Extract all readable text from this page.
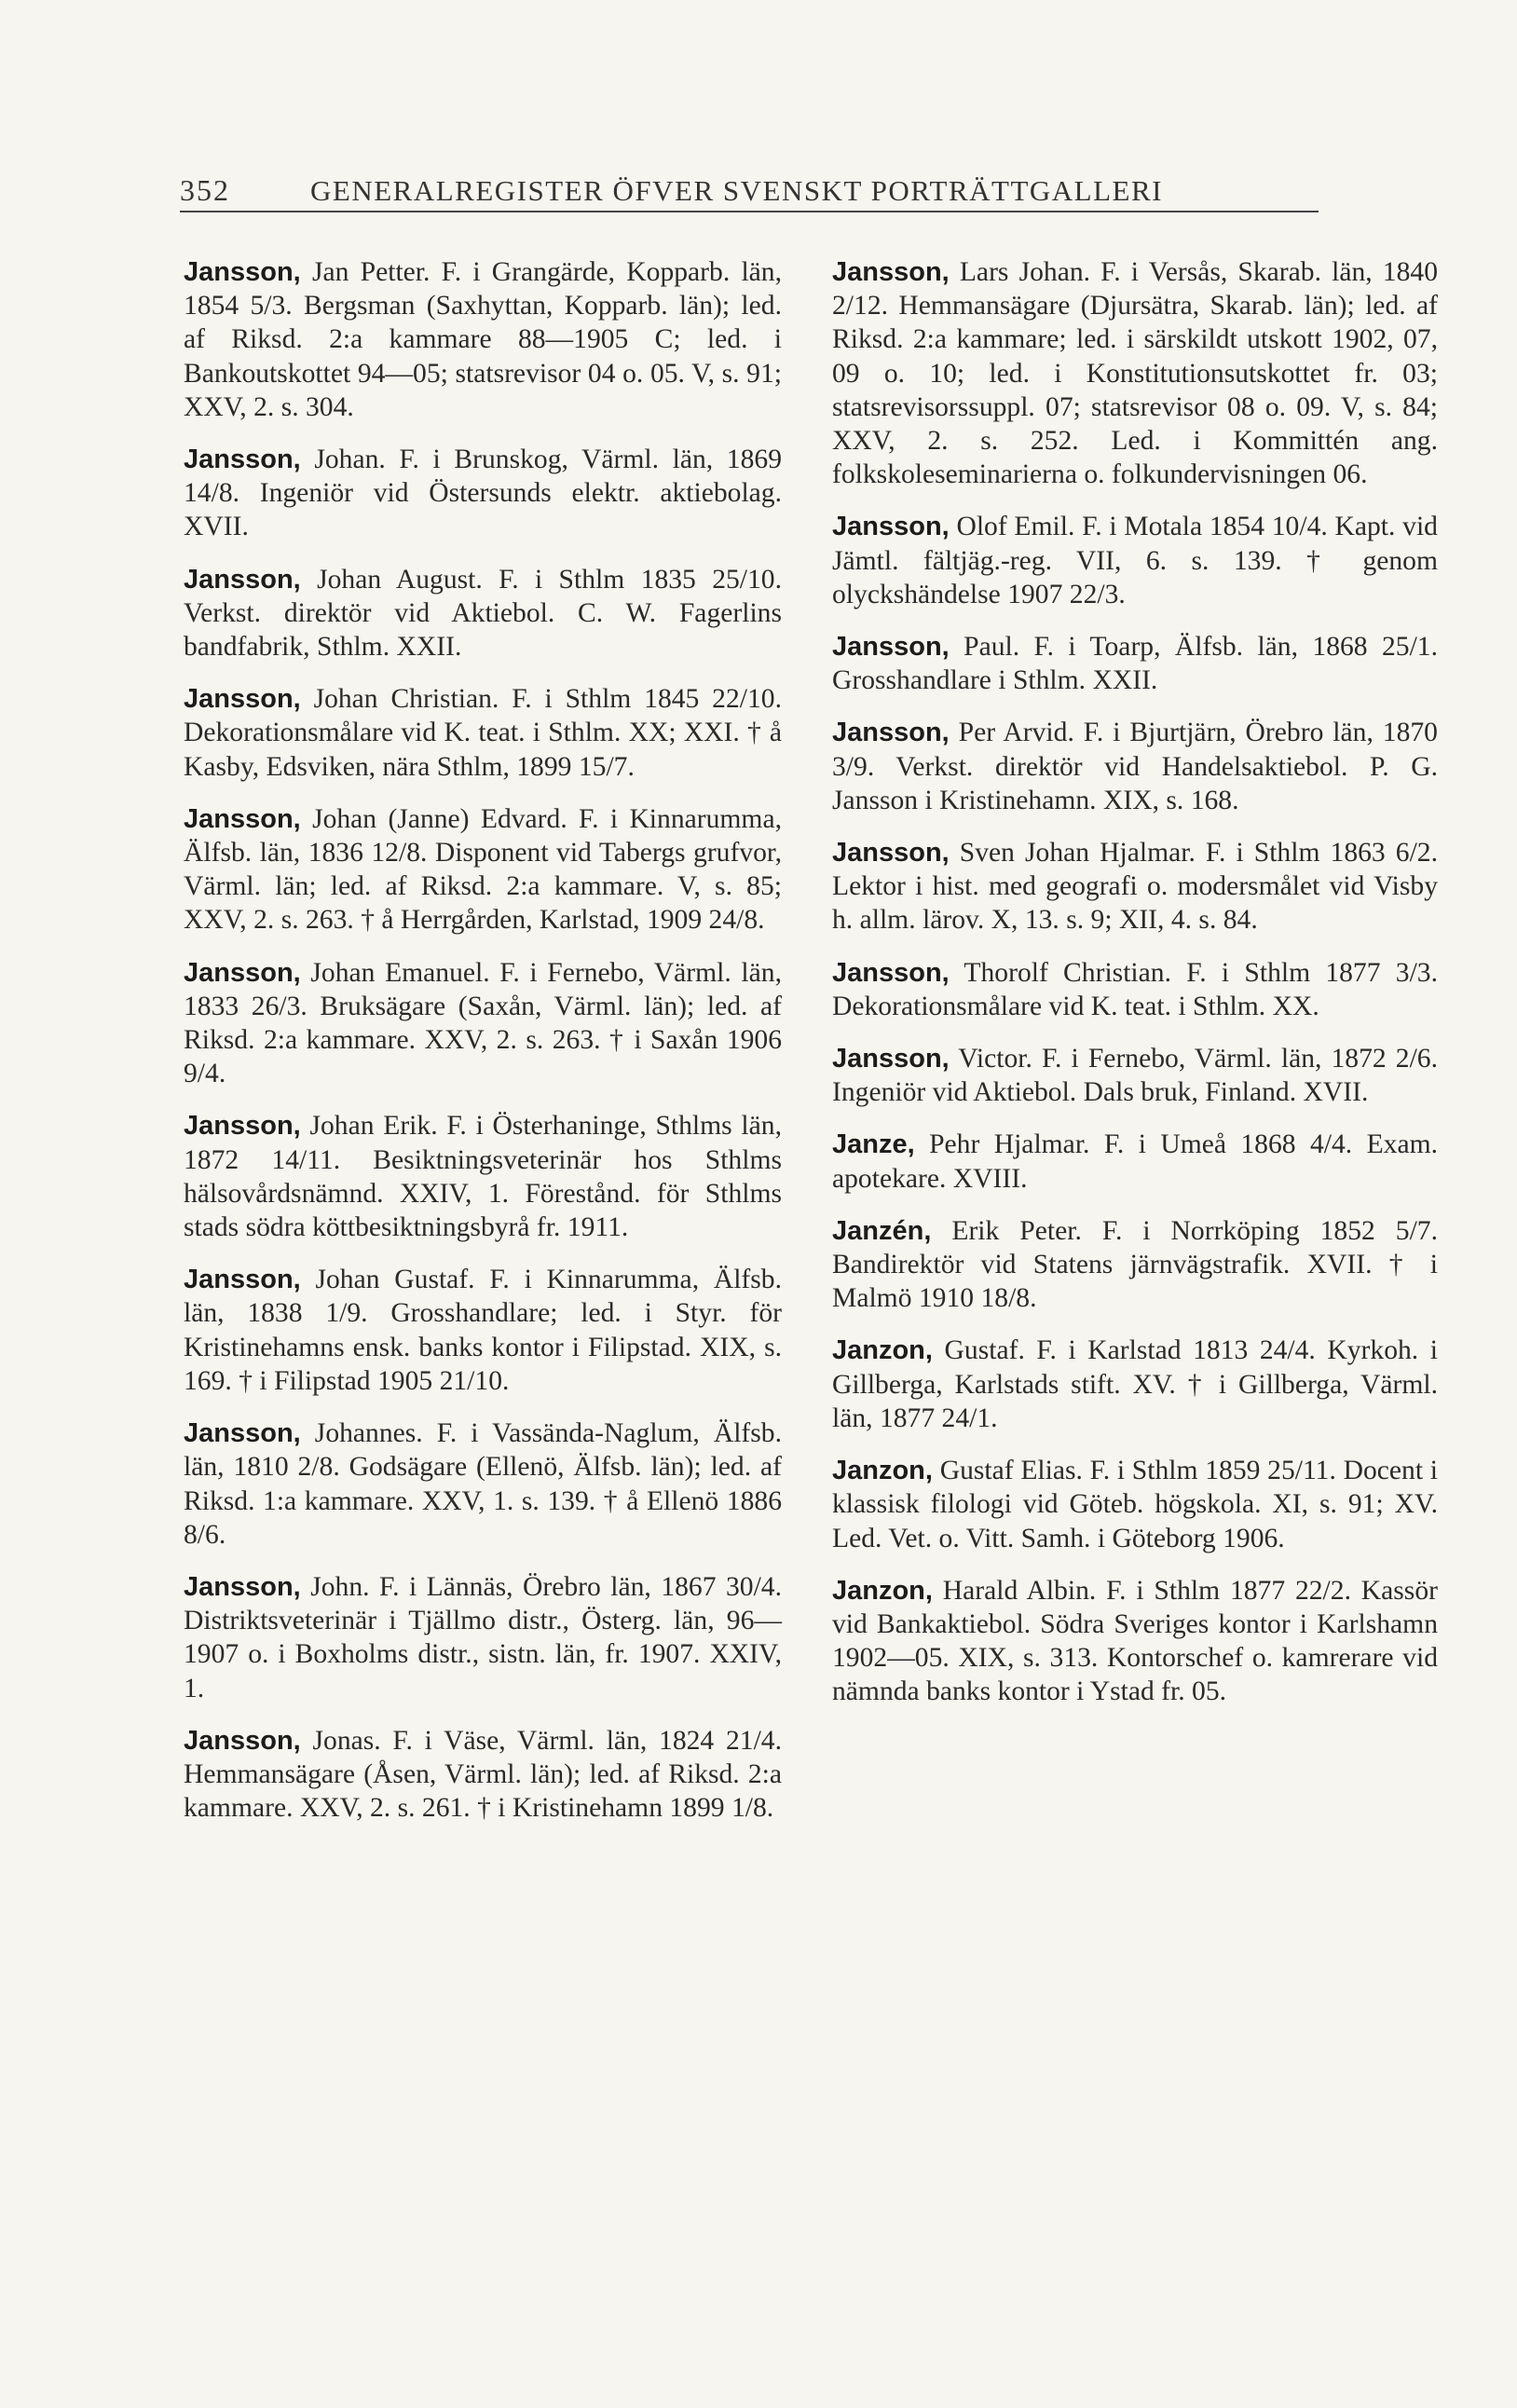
352	GENERALREGISTER ÖFVER SVENSKT PORTRÄTTGALLERI
Jansson, Jan Petter. F. i Grangärde, Kopparb. län, 1854 5/3. Bergsman (Saxhyttan, Kopparb. län); led. af Riksd. 2:a kammare 88—1905 C; led. i Bankoutskottet 94—05; statsrevisor 04 o. 05. V, s. 91; XXV, 2. s. 304.
Jansson, Johan. F. i Brunskog, Värml. län, 1869 14/8. Ingeniör vid Östersunds elektr. aktiebolag. XVII.
Jansson, Johan August. F. i Sthlm 1835 25/10. Verkst. direktör vid Aktiebol. C. W. Fagerlins bandfabrik, Sthlm. XXII.
Jansson, Johan Christian. F. i Sthlm 1845 22/10. Dekorationsmålare vid K. teat. i Sthlm. XX; XXI. † å Kasby, Edsviken, nära Sthlm, 1899 15/7.
Jansson, Johan (Janne) Edvard. F. i Kinnarumma, Älfsb. län, 1836 12/8. Disponent vid Tabergs grufvor, Värml. län; led. af Riksd. 2:a kammare. V, s. 85; XXV, 2. s. 263. † å Herrgården, Karlstad, 1909 24/8.
Jansson, Johan Emanuel. F. i Fernebo, Värml. län, 1833 26/3. Bruksägare (Saxån, Värml. län); led. af Riksd. 2:a kammare. XXV, 2. s. 263. † i Saxån 1906 9/4.
Jansson, Johan Erik. F. i Österhaninge, Sthlms län, 1872 14/11. Besiktningsveterinär hos Sthlms hälsovårdsnämnd. XXIV, 1. Förestånd. för Sthlms stads södra köttbesiktningsbyrå fr. 1911.
Jansson, Johan Gustaf. F. i Kinnarumma, Älfsb. län, 1838 1/9. Grosshandlare; led. i Styr. för Kristinehamns ensk. banks kontor i Filipstad. XIX, s. 169. † i Filipstad 1905 21/10.
Jansson, Johannes. F. i Vassända-Naglum, Älfsb. län, 1810 2/8. Godsägare (Ellenö, Älfsb. län); led. af Riksd. 1:a kammare. XXV, 1. s. 139. † å Ellenö 1886 8/6.
Jansson, John. F. i Lännäs, Örebro län, 1867 30/4. Distriktsveterinär i Tjällmo distr., Österg. län, 96—1907 o. i Boxholms distr., sistn. län, fr. 1907. XXIV, 1.
Jansson, Jonas. F. i Väse, Värml. län, 1824 21/4. Hemmansägare (Åsen, Värml. län); led. af Riksd. 2:a kammare. XXV, 2. s. 261. † i Kristinehamn 1899 1/8.
Jansson, Lars Johan. F. i Versås, Skarab. län, 1840 2/12. Hemmansägare (Djursätra, Skarab. län); led. af Riksd. 2:a kammare; led. i särskildt utskott 1902, 07, 09 o. 10; led. i Konstitutionsutskottet fr. 03; statsrevisorssuppl. 07; statsrevisor 08 o. 09. V, s. 84; XXV, 2. s. 252. Led. i Kommittén ang. folkskoleseminarierna o. folkundervisningen 06.
Jansson, Olof Emil. F. i Motala 1854 10/4. Kapt. vid Jämtl. fältjäg.-reg. VII, 6. s. 139. † genom olyckshändelse 1907 22/3.
Jansson, Paul. F. i Toarp, Älfsb. län, 1868 25/1. Grosshandlare i Sthlm. XXII.
Jansson, Per Arvid. F. i Bjurtjärn, Örebro län, 1870 3/9. Verkst. direktör vid Handelsaktiebol. P. G. Jansson i Kristinehamn. XIX, s. 168.
Jansson, Sven Johan Hjalmar. F. i Sthlm 1863 6/2. Lektor i hist. med geografi o. modersmålet vid Visby h. allm. lärov. X, 13. s. 9; XII, 4. s. 84.
Jansson, Thorolf Christian. F. i Sthlm 1877 3/3. Dekorationsmålare vid K. teat. i Sthlm. XX.
Jansson, Victor. F. i Fernebo, Värml. län, 1872 2/6. Ingeniör vid Aktiebol. Dals bruk, Finland. XVII.
Janze, Pehr Hjalmar. F. i Umeå 1868 4/4. Exam. apotekare. XVIII.
Janzén, Erik Peter. F. i Norrköping 1852 5/7. Bandirektör vid Statens järnvägstrafik. XVII. † i Malmö 1910 18/8.
Janzon, Gustaf. F. i Karlstad 1813 24/4. Kyrkoh. i Gillberga, Karlstads stift. XV. † i Gillberga, Värml. län, 1877 24/1.
Janzon, Gustaf Elias. F. i Sthlm 1859 25/11. Docent i klassisk filologi vid Göteb. högskola. XI, s. 91; XV. Led. Vet. o. Vitt. Samh. i Göteborg 1906.
Janzon, Harald Albin. F. i Sthlm 1877 22/2. Kassör vid Bankaktiebol. Södra Sveriges kontor i Karlshamn 1902—05. XIX, s. 313. Kontorschef o. kamrerare vid nämnda banks kontor i Ystad fr. 05.
